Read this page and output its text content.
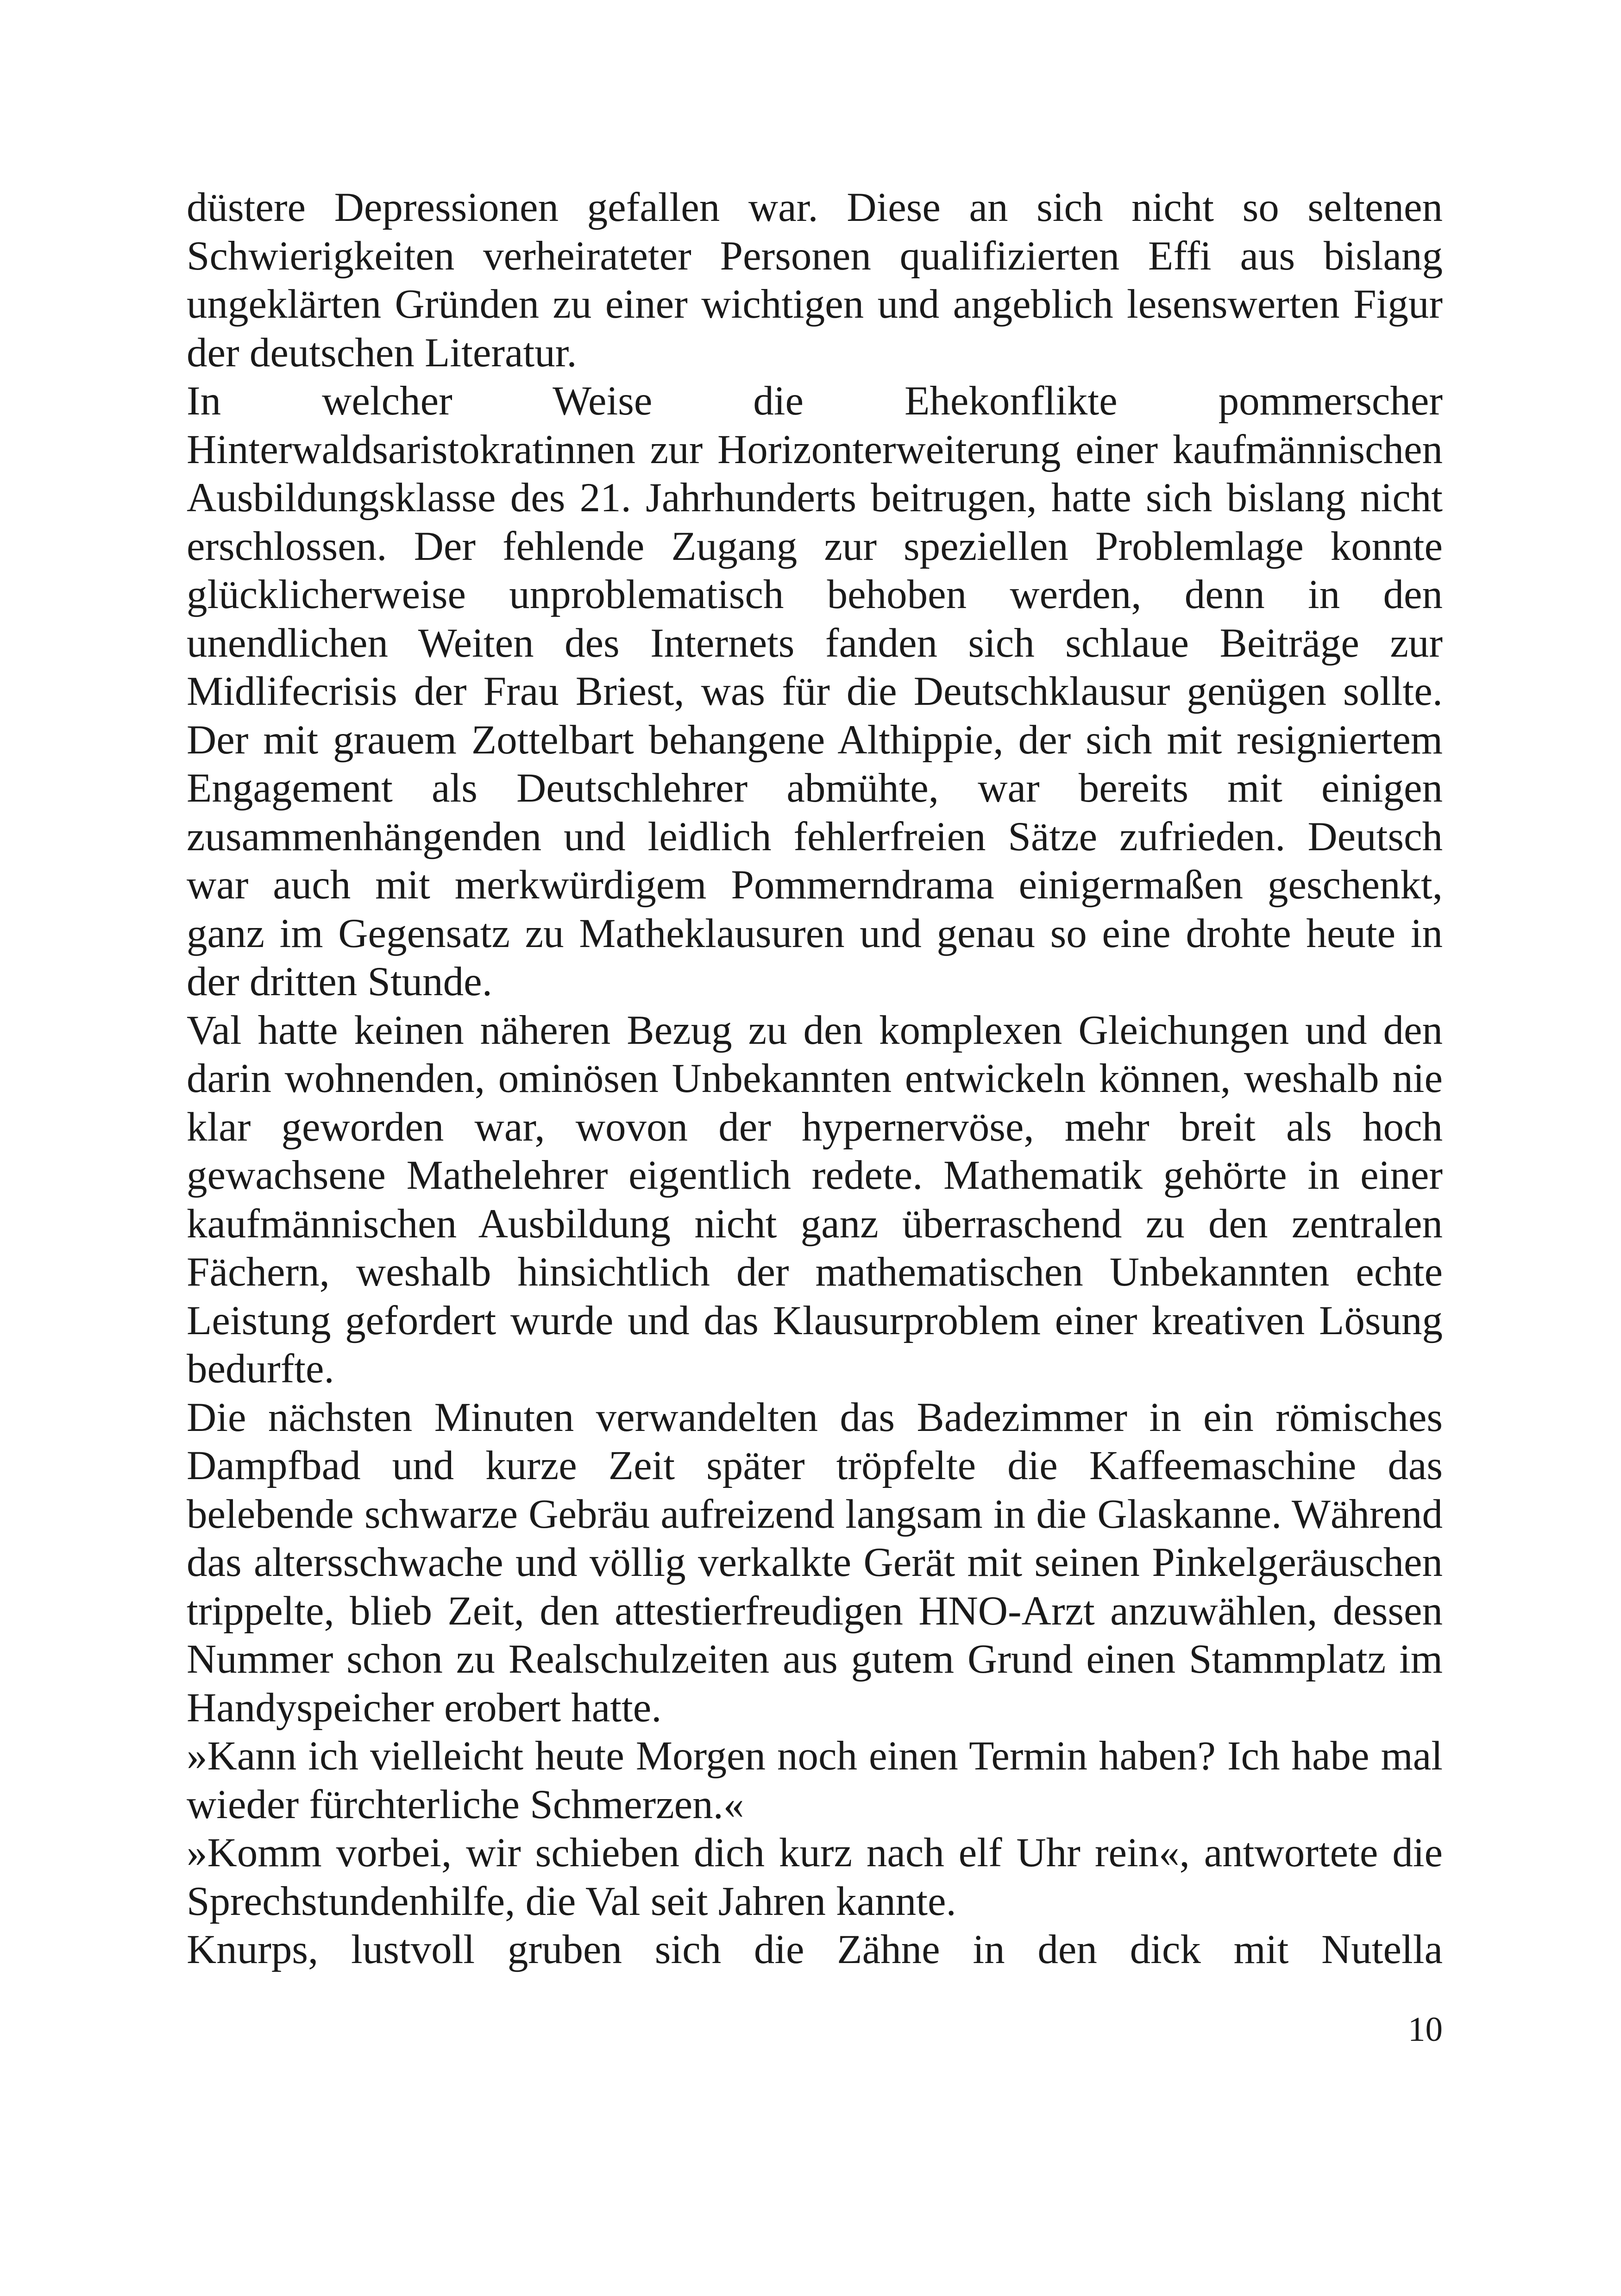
düstere Depressionen gefallen war. Diese an sich nicht so seltenen Schwierigkeiten verheirateter Personen qualifizierten Effi aus bislang ungeklärten Gründen zu einer wichtigen und angeblich lesenswerten Figur der deutschen Literatur.

In welcher Weise die Ehekonflikte pommerscher Hinterwaldsaristokratinnen zur Horizonterweiterung einer kaufmännischen Ausbildungsklasse des 21. Jahrhunderts beitrugen, hatte sich bislang nicht erschlossen. Der fehlende Zugang zur speziellen Problemlage konnte glücklicherweise unproblematisch behoben werden, denn in den unendlichen Weiten des Internets fanden sich schlaue Beiträge zur Midlifecrisis der Frau Briest, was für die Deutschklausur genügen sollte. Der mit grauem Zottelbart behangene Althippie, der sich mit resigniertem Engagement als Deutschlehrer abmühte, war bereits mit einigen zusammenhängenden und leidlich fehlerfreien Sätze zufrieden. Deutsch war auch mit merkwürdigem Pommerndrama einigermaßen geschenkt, ganz im Gegensatz zu Matheklausuren und genau so eine drohte heute in der dritten Stunde.

Val hatte keinen näheren Bezug zu den komplexen Gleichungen und den darin wohnenden, ominösen Unbekannten entwickeln können, weshalb nie klar geworden war, wovon der hypernervöse, mehr breit als hoch gewachsene Mathelehrer eigentlich redete. Mathematik gehörte in einer kaufmännischen Ausbildung nicht ganz überraschend zu den zentralen Fächern, weshalb hinsichtlich der mathematischen Unbekannten echte Leistung gefordert wurde und das Klausurproblem einer kreativen Lösung bedurfte.

Die nächsten Minuten verwandelten das Badezimmer in ein römisches Dampfbad und kurze Zeit später tröpfelte die Kaffeemaschine das belebende schwarze Gebräu aufreizend langsam in die Glaskanne. Während das altersschwache und völlig verkalkte Gerät mit seinen Pinkelgeräuschen trippelte, blieb Zeit, den attestierfreudigen HNO-Arzt anzuwählen, dessen Nummer schon zu Realschulzeiten aus gutem Grund einen Stammplatz im Handyspeicher erobert hatte.

»Kann ich vielleicht heute Morgen noch einen Termin haben? Ich habe mal wieder fürchterliche Schmerzen.«

»Komm vorbei, wir schieben dich kurz nach elf Uhr rein«, antwortete die Sprechstundenhilfe, die Val seit Jahren kannte.

Knurps, lustvoll gruben sich die Zähne in den dick mit Nutella

10
